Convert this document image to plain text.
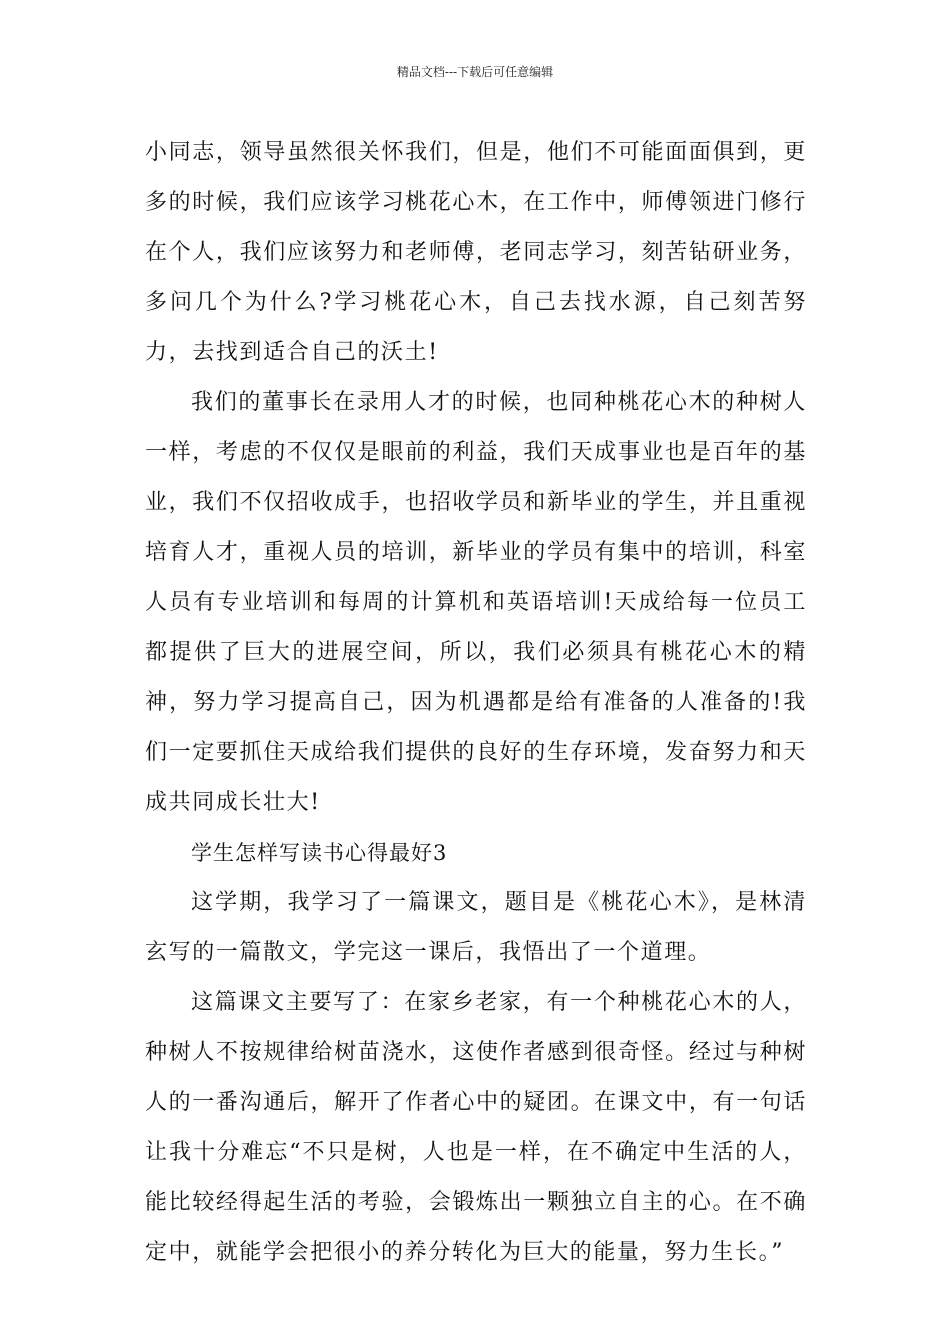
精品文档---下载后可任意编辑

小同志，领导虽然很关怀我们，但是，他们不可能面面俱到，更多的时候，我们应该学习桃花心木，在工作中，师傅领进门修行在个人，我们应该努力和老师傅，老同志学习，刻苦钻研业务，多问几个为什么?学习桃花心木，自己去找水源，自己刻苦努力，去找到适合自己的沃土!

我们的董事长在录用人才的时候，也同种桃花心木的种树人一样，考虑的不仅仅是眼前的利益，我们天成事业也是百年的基业，我们不仅招收成手，也招收学员和新毕业的学生，并且重视培育人才，重视人员的培训，新毕业的学员有集中的培训，科室人员有专业培训和每周的计算机和英语培训!天成给每一位员工都提供了巨大的进展空间，所以，我们必须具有桃花心木的精神，努力学习提高自己，因为机遇都是给有准备的人准备的!我们一定要抓住天成给我们提供的良好的生存环境，发奋努力和天成共同成长壮大!

学生怎样写读书心得最好3

这学期，我学习了一篇课文，题目是《桃花心木》，是林清玄写的一篇散文，学完这一课后，我悟出了一个道理。

这篇课文主要写了：在家乡老家，有一个种桃花心木的人，种树人不按规律给树苗浇水，这使作者感到很奇怪。经过与种树人的一番沟通后，解开了作者心中的疑团。在课文中，有一句话让我十分难忘“不只是树，人也是一样，在不确定中生活的人，能比较经得起生活的考验，会锻炼出一颗独立自主的心。在不确定中，就能学会把很小的养分转化为巨大的能量，努力生长。”
